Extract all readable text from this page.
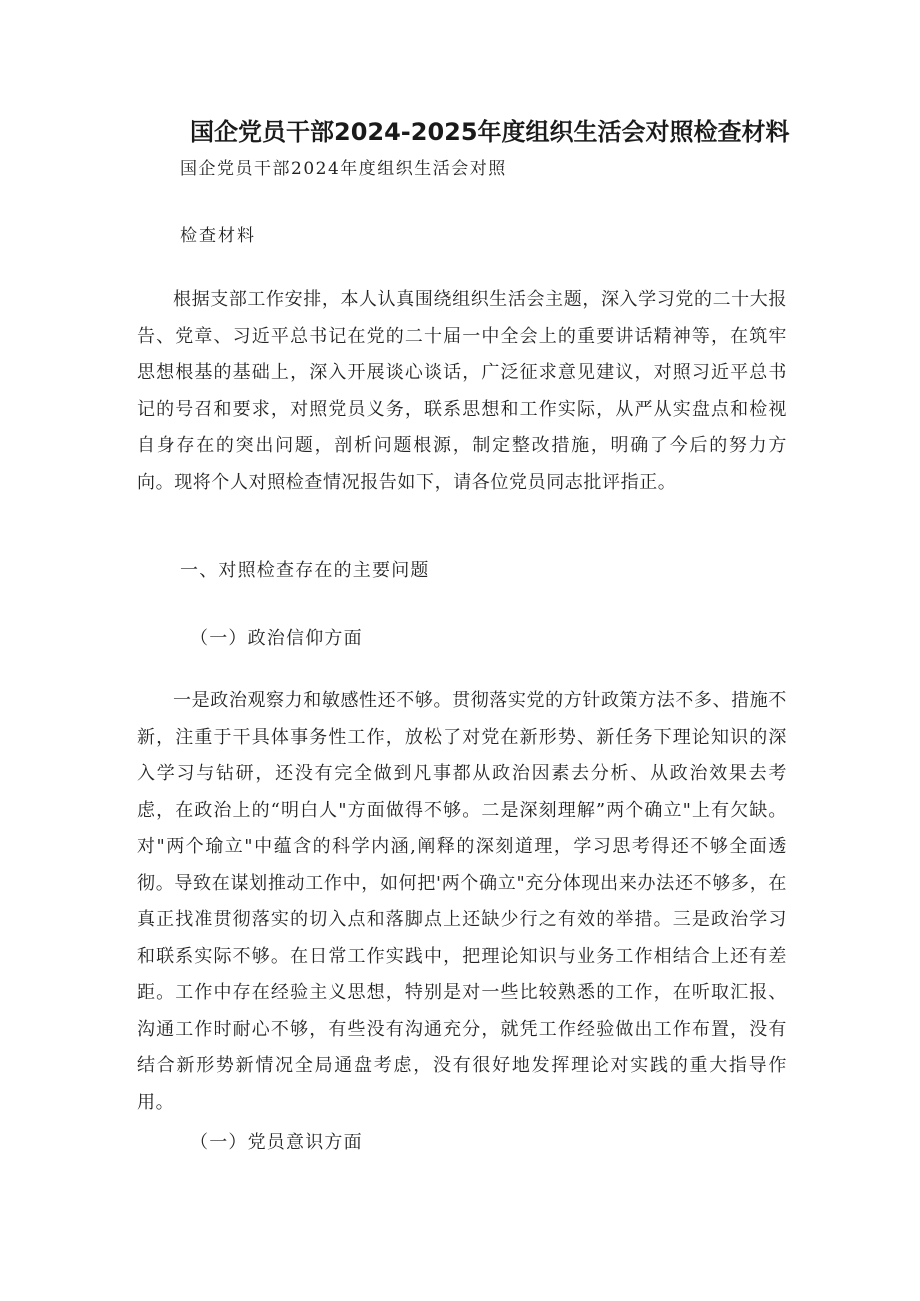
国企党员干部2024-2025年度组织生活会对照检查材料
国企党员干部2024年度组织生活会对照
检查材料
根据支部工作安排，本人认真围绕组织生活会主题，深入学习党的二十大报告、党章、习近平总书记在党的二十届一中全会上的重要讲话精神等，在筑牢思想根基的基础上，深入开展谈心谈话，广泛征求意见建议，对照习近平总书记的号召和要求，对照党员义务，联系思想和工作实际，从严从实盘点和检视自身存在的突出问题，剖析问题根源，制定整改措施，明确了今后的努力方向。现将个人对照检查情况报告如下，请各位党员同志批评指正。
一、对照检查存在的主要问题
（一）政治信仰方面
一是政治观察力和敏感性还不够。贯彻落实党的方针政策方法不多、措施不新，注重于干具体事务性工作，放松了对党在新形势、新任务下理论知识的深入学习与钻研，还没有完全做到凡事都从政治因素去分析、从政治效果去考虑，在政治上的“明白人"方面做得不够。二是深刻理解”两个确立"上有欠缺。对"两个瑜立"中蕴含的科学内涵,阐释的深刻道理，学习思考得还不够全面透彻。导致在谋划推动工作中，如何把'两个确立"充分体现出来办法还不够多，在真正找准贯彻落实的切入点和落脚点上还缺少行之有效的举措。三是政治学习和联系实际不够。在日常工作实践中，把理论知识与业务工作相结合上还有差距。工作中存在经验主义思想，特别是对一些比较熟悉的工作，在听取汇报、沟通工作时耐心不够，有些没有沟通充分，就凭工作经验做出工作布置，没有结合新形势新情况全局通盘考虑，没有很好地发挥理论对实践的重大指导作用。
（一）党员意识方面
